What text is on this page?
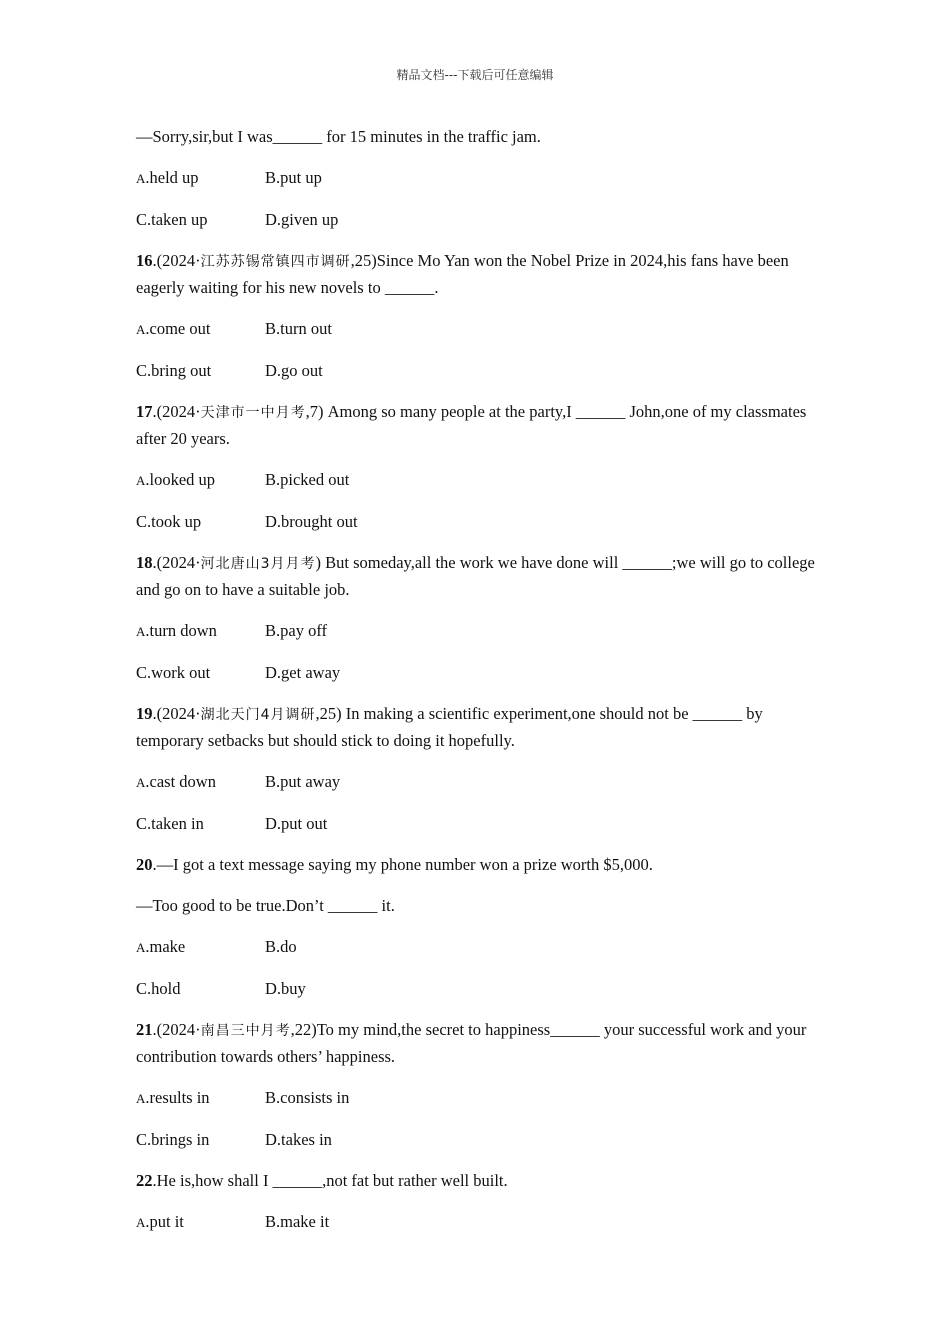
精品文档---下载后可任意编辑

—Sorry,sir,but I was______ for 15 minutes in the traffic jam.

A.held up	B.put up
C.taken up	D.given up

16.(2024·江苏苏锡常镇四市调研,25)Since Mo Yan won the Nobel Prize in 2024,his fans have been eagerly waiting for his new novels to ______.

A.come out	B.turn out
C.bring out	D.go out

17.(2024·天津市一中月考,7) Among so many people at the party,I ______ John,one of my classmates after 20 years.

A.looked up	B.picked out
C.took up	D.brought out

18.(2024·河北唐山3月月考) But someday,all the work we have done will ______;we will go to college and go on to have a suitable job.

A.turn down	B.pay off
C.work out	D.get away

19.(2024·湖北天门4月调研,25) In making a scientific experiment,one should not be ______ by temporary setbacks but should stick to doing it hopefully.

A.cast down	B.put away
C.taken in	D.put out

20.—I got a text message saying my phone number won a prize worth $5,000.

—Too good to be true.Don’t ______ it.

A.make	B.do
C.hold	D.buy

21.(2024·南昌三中月考,22)To my mind,the secret to happiness______ your successful work and your contribution towards others’ happiness.

A.results in	B.consists in
C.brings in	D.takes in

22.He is,how shall I ______,not fat but rather well built.

A.put it	B.make it
